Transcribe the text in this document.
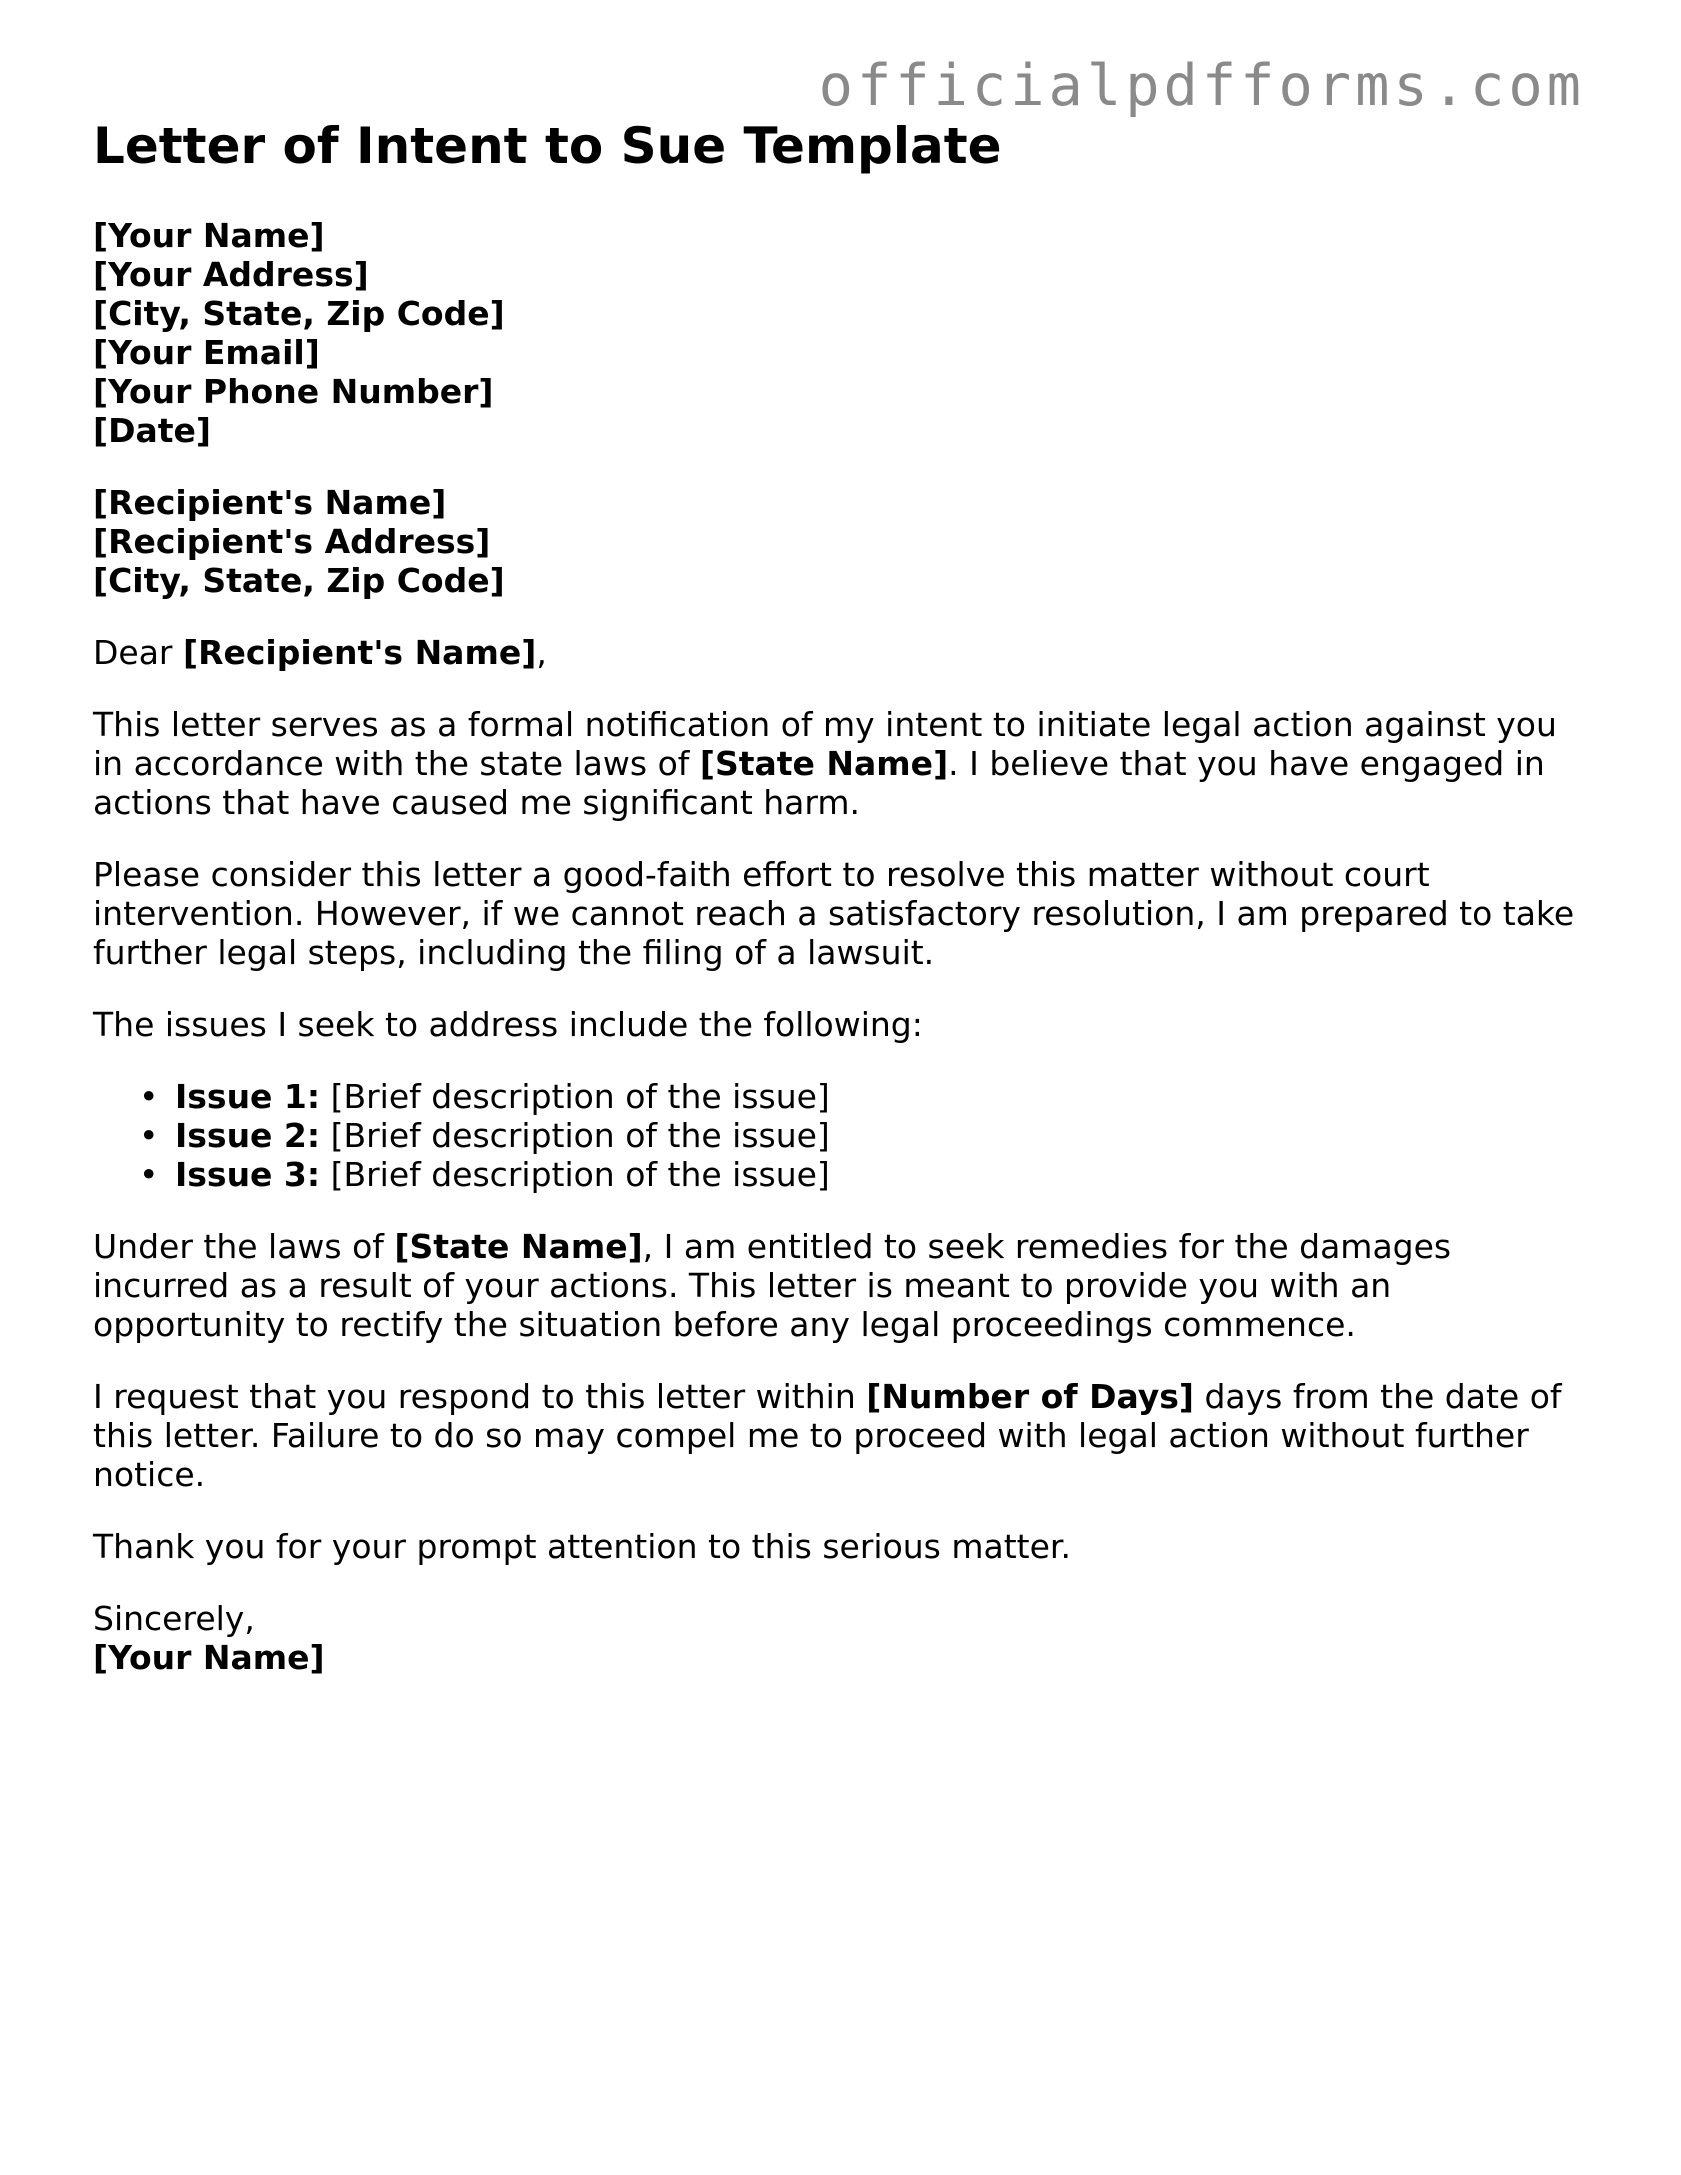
officialpdfforms.com
Letter of Intent to Sue Template
[Your Name]
[Your Address]
[City, State, Zip Code]
[Your Email]
[Your Phone Number]
[Date]
[Recipient's Name]
[Recipient's Address]
[City, State, Zip Code]

Dear [Recipient's Name],

This letter serves as a formal notification of my intent to initiate legal action against you in accordance with the state laws of [State Name]. I believe that you have engaged in actions that have caused me significant harm.

Please consider this letter a good-faith effort to resolve this matter without court intervention. However, if we cannot reach a satisfactory resolution, I am prepared to take further legal steps, including the filing of a lawsuit.

The issues I seek to address include the following:

• Issue 1: [Brief description of the issue]
• Issue 2: [Brief description of the issue]
• Issue 3: [Brief description of the issue]

Under the laws of [State Name], I am entitled to seek remedies for the damages incurred as a result of your actions. This letter is meant to provide you with an opportunity to rectify the situation before any legal proceedings commence.

I request that you respond to this letter within [Number of Days] days from the date of this letter. Failure to do so may compel me to proceed with legal action without further notice.

Thank you for your prompt attention to this serious matter.

Sincerely,
[Your Name]
